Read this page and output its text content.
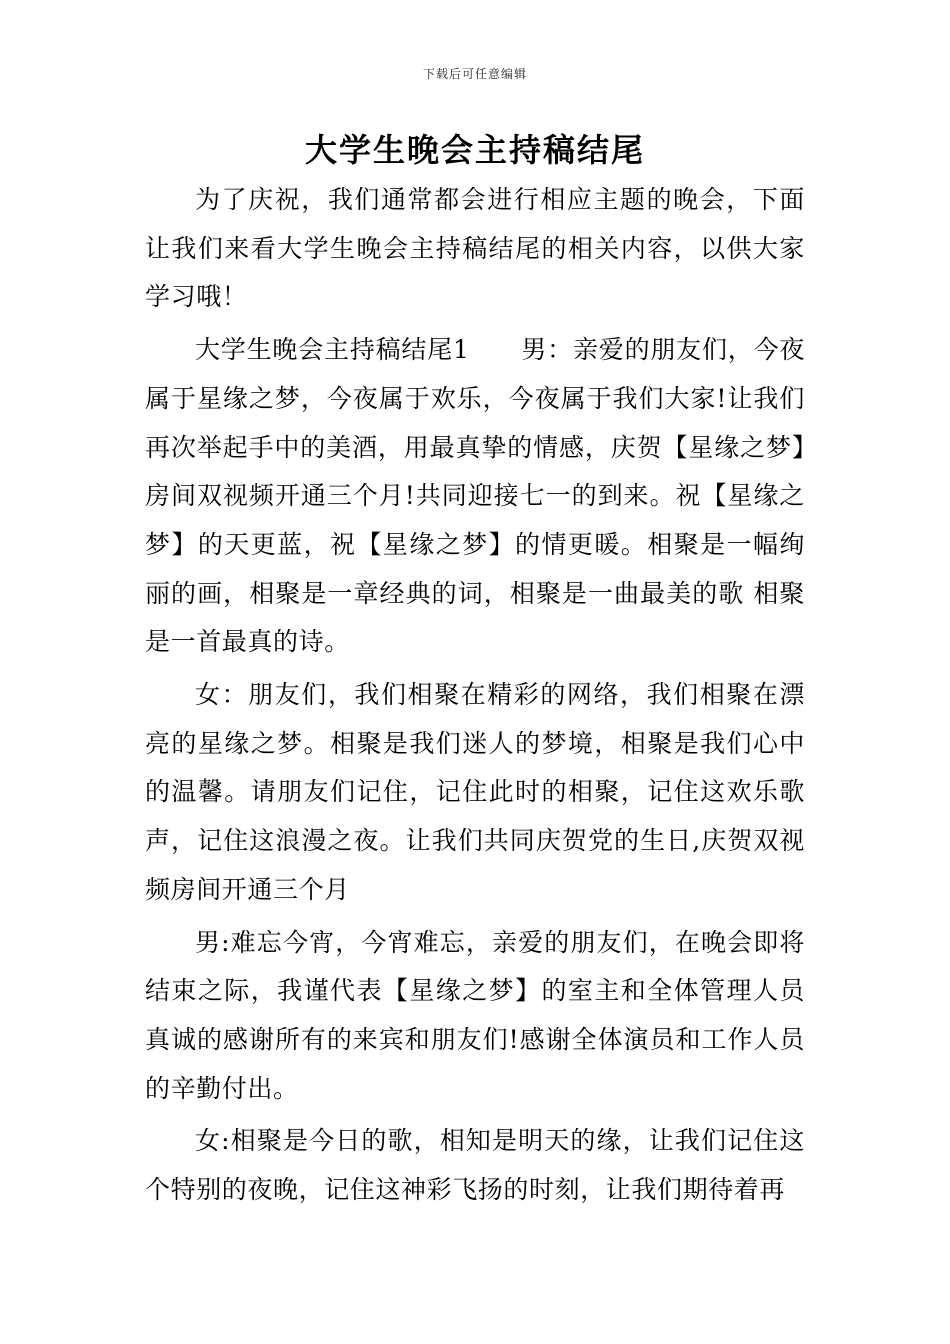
下载后可任意编辑
大学生晚会主持稿结尾

为了庆祝，我们通常都会进行相应主题的晚会，下面让我们来看大学生晚会主持稿结尾的相关内容，以供大家学习哦！

大学生晚会主持稿结尾1　　男：亲爱的朋友们，今夜属于星缘之梦，今夜属于欢乐，今夜属于我们大家!让我们再次举起手中的美酒，用最真挚的情感，庆贺【星缘之梦】房间双视频开通三个月!共同迎接七一的到来。祝【星缘之梦】的天更蓝，祝【星缘之梦】的情更暖。相聚是一幅绚丽的画，相聚是一章经典的词，相聚是一曲最美的歌 相聚是一首最真的诗。

女：朋友们，我们相聚在精彩的网络，我们相聚在漂亮的星缘之梦。相聚是我们迷人的梦境，相聚是我们心中的温馨。请朋友们记住，记住此时的相聚，记住这欢乐歌声，记住这浪漫之夜。让我们共同庆贺党的生日,庆贺双视频房间开通三个月

男:难忘今宵，今宵难忘，亲爱的朋友们，在晚会即将结束之际，我谨代表【星缘之梦】的室主和全体管理人员真诚的感谢所有的来宾和朋友们!感谢全体演员和工作人员的辛勤付出。

女:相聚是今日的歌，相知是明天的缘，让我们记住这个特别的夜晚，记住这神彩飞扬的时刻，让我们期待着再
